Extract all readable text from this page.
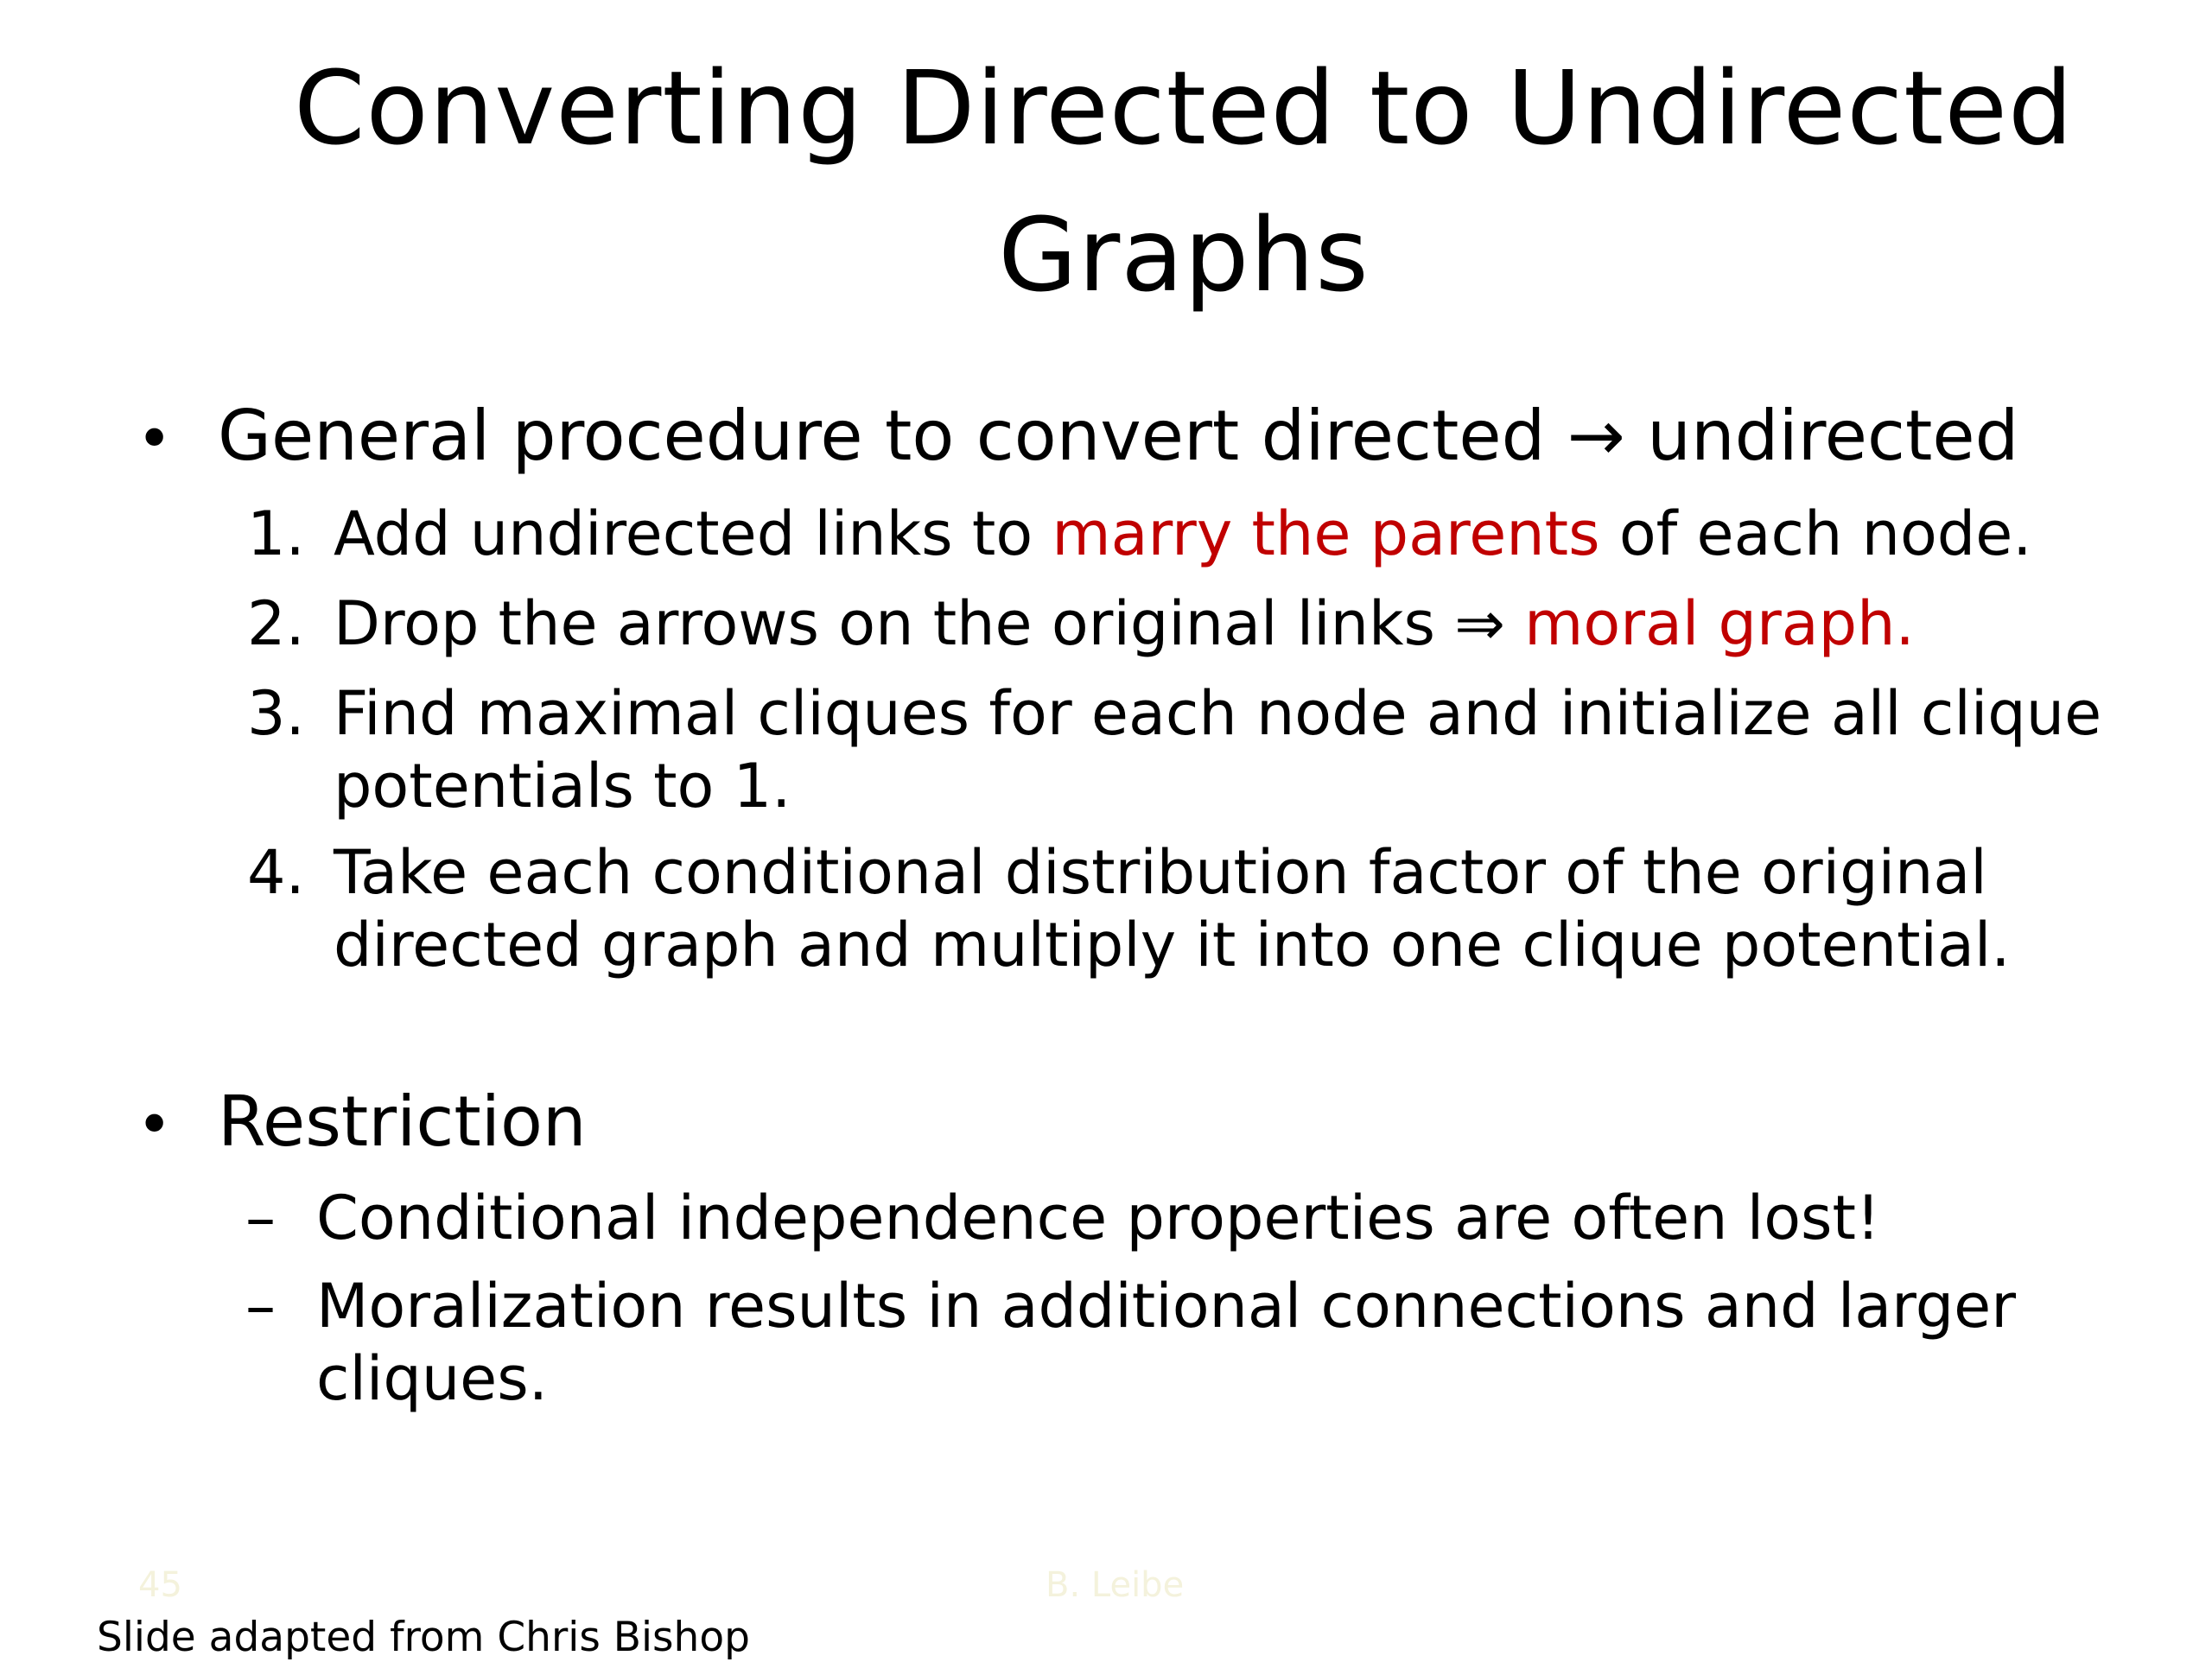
Converting Directed to Undirected
Graphs
• General procedure to convert directed → undirected
1. Add undirected links to marry the parents of each node.
2. Drop the arrows on the original links ⇒ moral graph.
3. Find maximal cliques for each node and initialize all clique
potentials to 1.
4. Take each conditional distribution factor of the original
directed graph and multiply it into one clique potential.
• Restriction
– Conditional independence properties are often lost!
– Moralization results in additional connections and larger
cliques.
45	B. Leibe
Slide adapted from Chris Bishop
